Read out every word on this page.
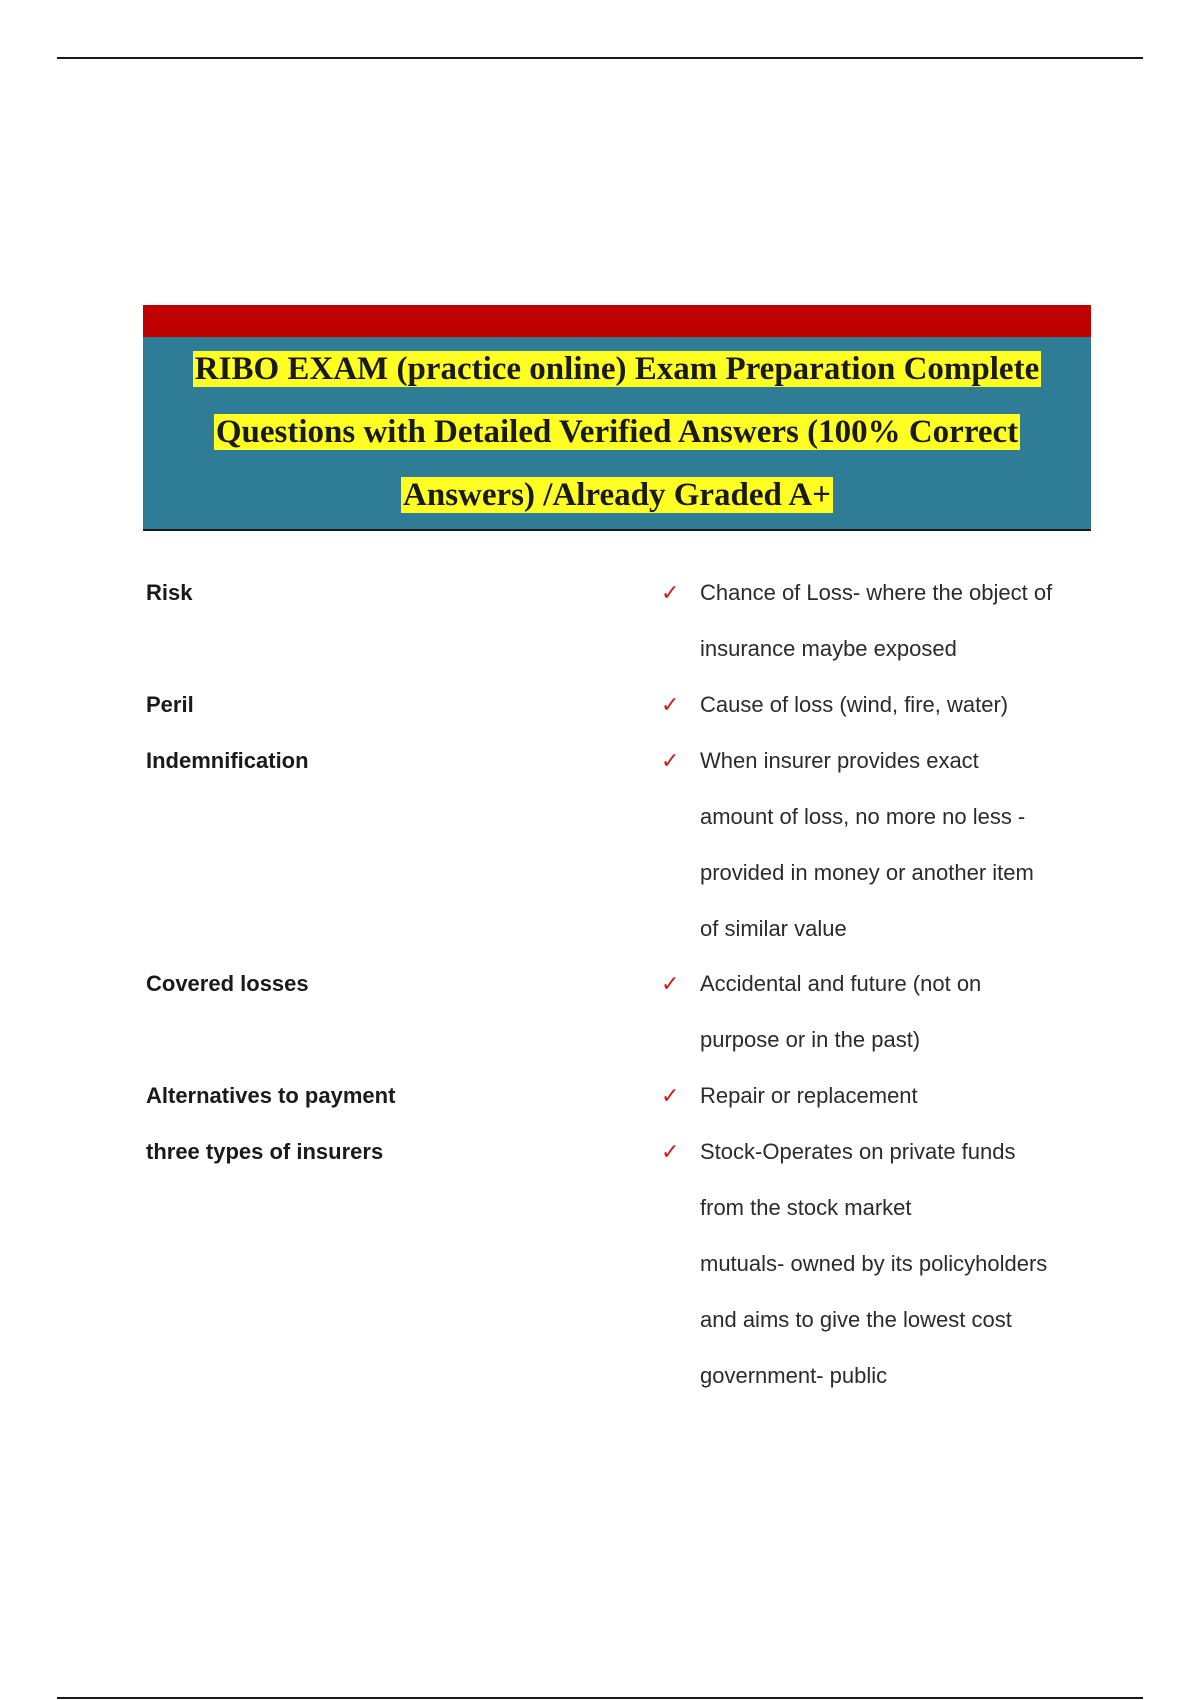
RIBO EXAM (practice online) Exam Preparation Complete
Questions with Detailed Verified Answers (100% Correct
Answers) /Already Graded A+

Risk	✓ Chance of Loss- where the object of
insurance maybe exposed
Peril	✓ Cause of loss (wind, fire, water)
Indemnification	✓ When insurer provides exact
amount of loss, no more no less -
provided in money or another item
of similar value
Covered losses	✓ Accidental and future (not on
purpose or in the past)
Alternatives to payment	✓ Repair or replacement
three types of insurers	✓ Stock-Operates on private funds
from the stock market
mutuals- owned by its policyholders
and aims to give the lowest cost
government- public
